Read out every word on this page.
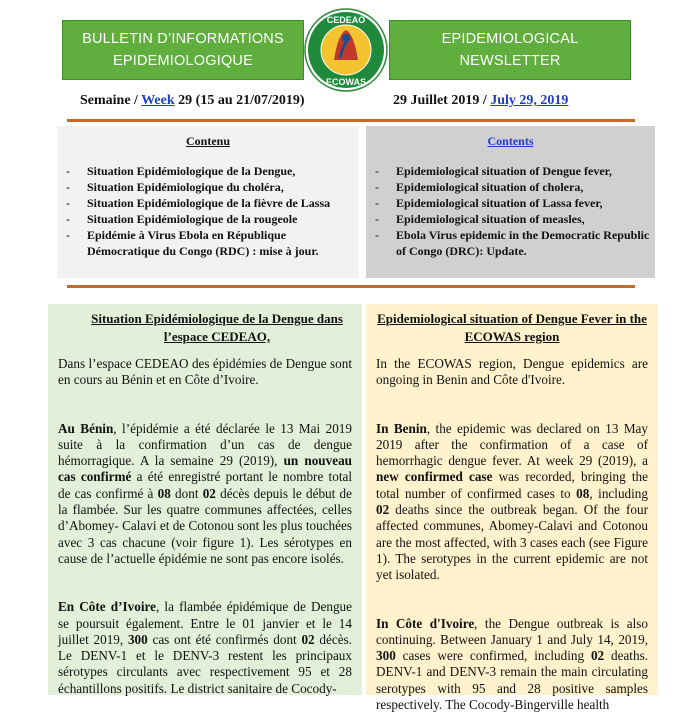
BULLETIN D’INFORMATIONS
EPIDEMIOLOGIQUE
CEDEAO
ECOWAS
EPIDEMIOLOGICAL
NEWSLETTER
Semaine / Week 29 (15 au 21/07/2019)	29 Juillet 2019 / July 29, 2019
Contenu
- Situation Epidémiologique de la Dengue,
- Situation Epidémiologique du choléra,
- Situation Epidémiologique de la fièvre de Lassa
- Situation Epidémiologique de la rougeole
- Epidémie à Virus Ebola en République Démocratique du Congo (RDC) : mise à jour.
Contents
- Epidemiological situation of Dengue fever,
- Epidemiological situation of cholera,
- Epidemiological situation of Lassa fever,
- Epidemiological situation of measles,
- Ebola Virus epidemic in the Democratic Republic of Congo (DRC): Update.
Situation Epidémiologique de la Dengue dans l’espace CEDEAO,

Dans l’espace CEDEAO des épidémies de Dengue sont en cours au Bénin et en Côte d’Ivoire.

Au Bénin, l’épidémie a été déclarée le 13 Mai 2019 suite à la confirmation d’un cas de dengue hémorragique. A la semaine 29 (2019), un nouveau cas confirmé a été enregistré portant le nombre total de cas confirmé à 08 dont 02 décès depuis le début de la flambée. Sur les quatre communes affectées, celles d’Abomey- Calavi et de Cotonou sont les plus touchées avec 3 cas chacune (voir figure 1). Les sérotypes en cause de l’actuelle épidémie ne sont pas encore isolés.

En Côte d’Ivoire, la flambée épidémique de Dengue se poursuit également. Entre le 01 janvier et le 14 juillet 2019, 300 cas ont été confirmés dont 02 décès. Le DENV-1 et le DENV-3 restent les principaux sérotypes circulants avec respectivement 95 et 28 échantillons positifs. Le district sanitaire de Cocody-

Epidemiological situation of Dengue Fever in the ECOWAS region

In the ECOWAS region, Dengue epidemics are ongoing in Benin and Côte d'Ivoire.

In Benin, the epidemic was declared on 13 May 2019 after the confirmation of a case of hemorrhagic dengue fever. At week 29 (2019), a new confirmed case was recorded, bringing the total number of confirmed cases to 08, including 02 deaths since the outbreak began. Of the four affected communes, Abomey-Calavi and Cotonou are the most affected, with 3 cases each (see Figure 1). The serotypes in the current epidemic are not yet isolated.

In Côte d'Ivoire, the Dengue outbreak is also continuing. Between January 1 and July 14, 2019, 300 cases were confirmed, including 02 deaths. DENV-1 and DENV-3 remain the main circulating serotypes with 95 and 28 positive samples respectively. The Cocody-Bingerville health
